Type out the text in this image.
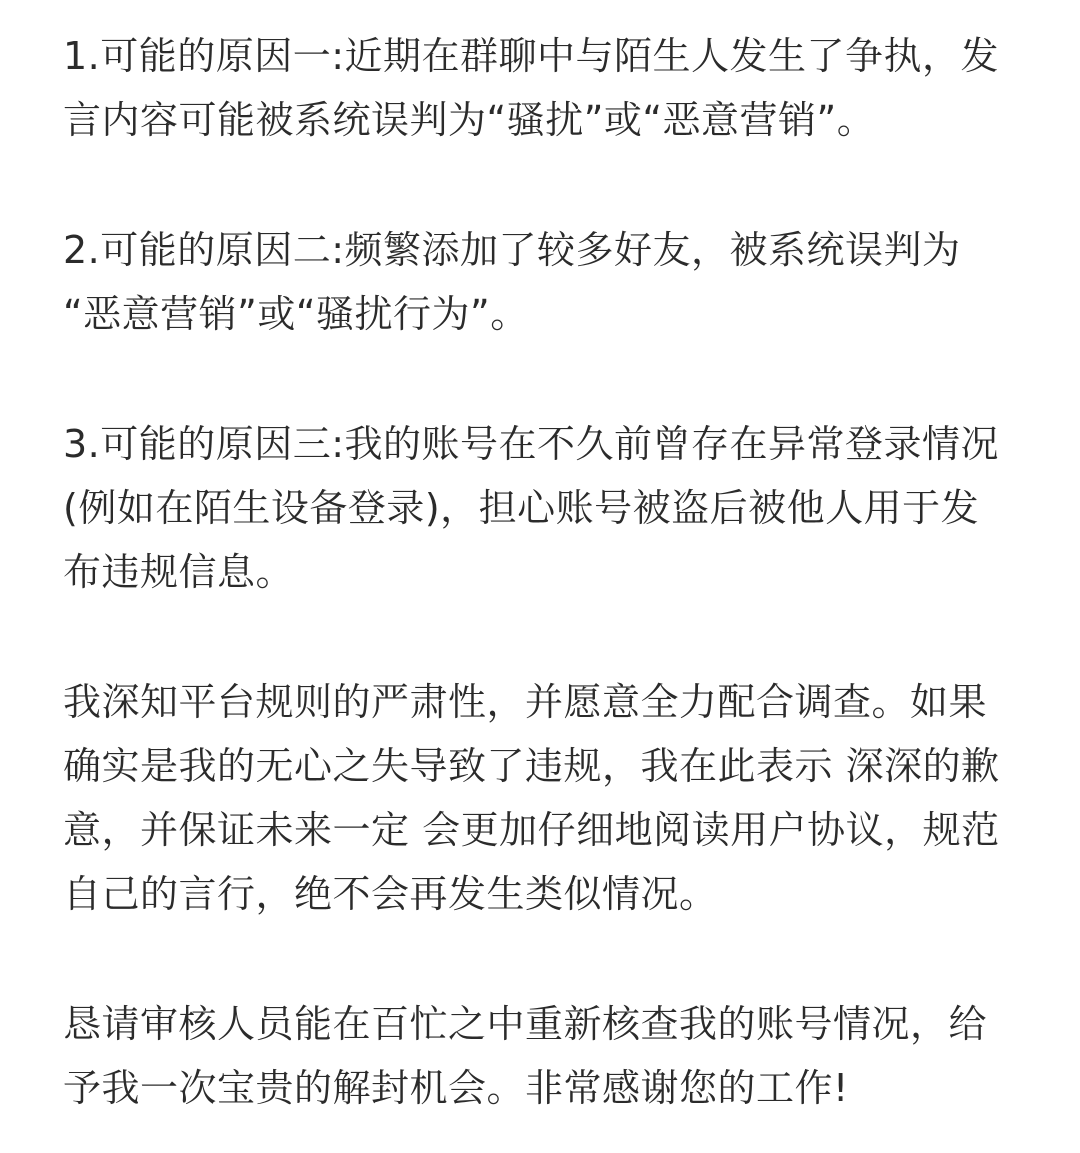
1.可能的原因一:近期在群聊中与陌生人发生了争执，发
言内容可能被系统误判为“骚扰”或“恶意营销”。

2.可能的原因二:频繁添加了较多好友，被系统误判为
“恶意营销”或“骚扰行为”。

3.可能的原因三:我的账号在不久前曾存在异常登录情况
(例如在陌生设备登录)，担心账号被盗后被他人用于发
布违规信息。

我深知平台规则的严肃性，并愿意全力配合调查。如果
确实是我的无心之失导致了违规，我在此表示 深深的歉
意，并保证未来一定 会更加仔细地阅读用户协议，规范
自己的言行，绝不会再发生类似情况。

恳请审核人员能在百忙之中重新核查我的账号情况，给
予我一次宝贵的解封机会。非常感谢您的工作!
